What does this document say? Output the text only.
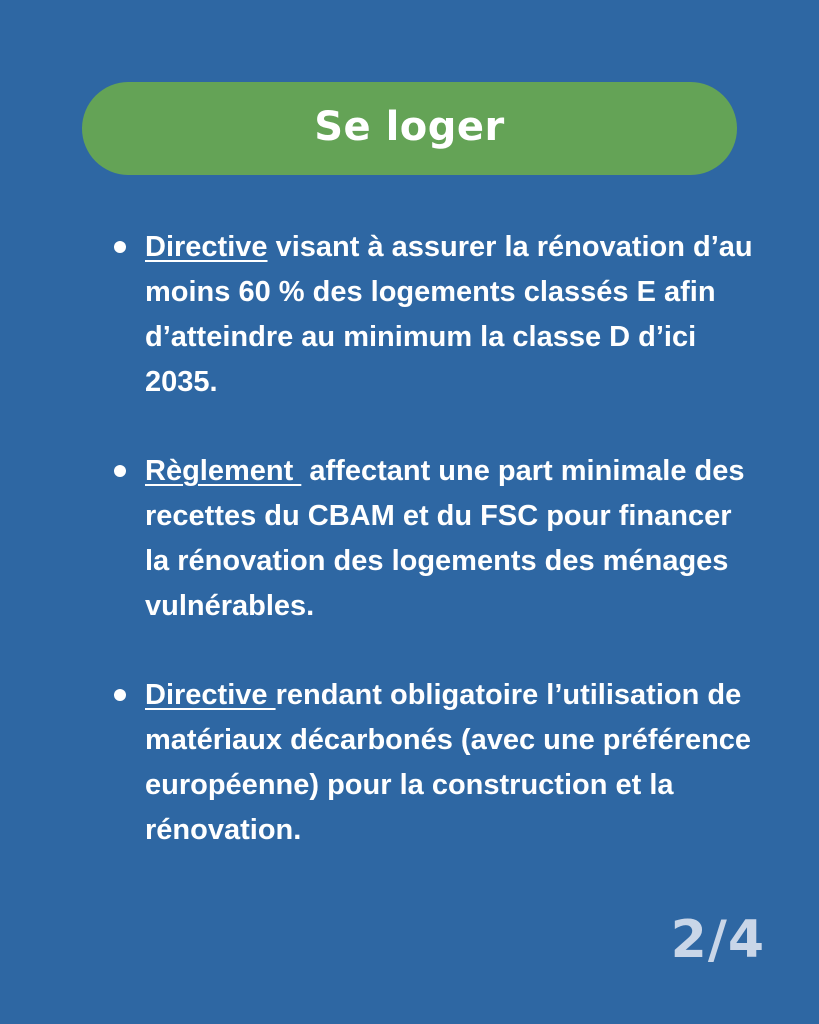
Se loger
Directive visant à assurer la rénovation d’au moins 60 % des logements classés E afin d’atteindre au minimum la classe D d’ici 2035.
Règlement  affectant une part minimale des recettes du CBAM et du FSC pour financer la rénovation des logements des ménages vulnérables.
Directive rendant obligatoire l’utilisation de matériaux décarbonés (avec une préférence européenne) pour la construction et la rénovation.
2/4
